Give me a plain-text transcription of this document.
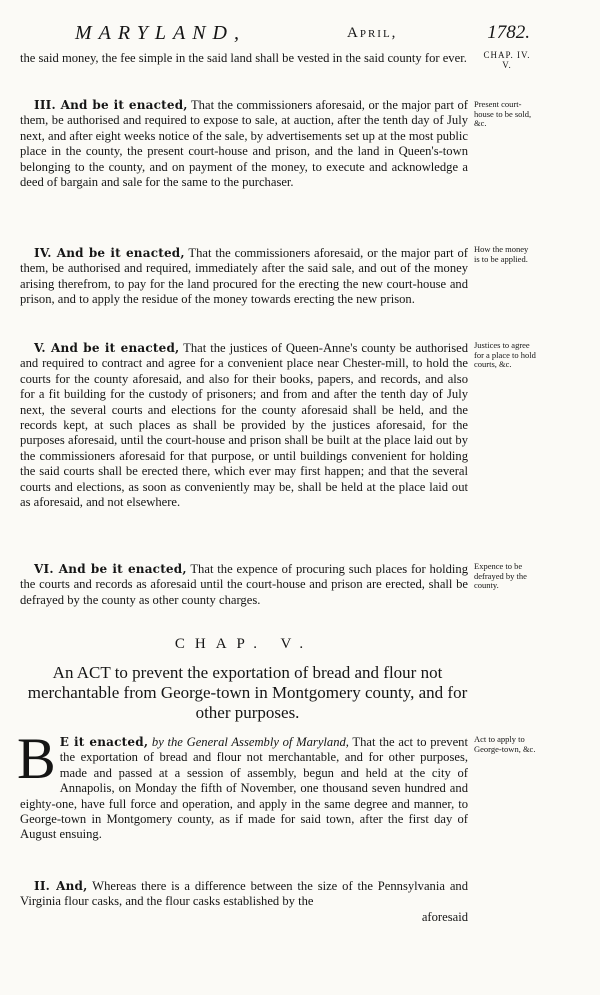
MARYLAND,	April,	1782.
CHAP. IV. V.

the said money, the fee simple in the said land shall be vested in the said county for ever.

III. And be it enacted, That the commissioners aforesaid, or the major part of them, be authorised and required to expose to sale, at auction, after the tenth day of July next, and after eight weeks notice of the sale, by advertisements set up at the most public place in the county, the present court-house and prison, and the land in Queen's-town belonging to the county, and on payment of the money, to execute and acknowledge a deed of bargain and sale for the same to the purchaser.

Present court-house to be sold, &c.

IV. And be it enacted, That the commissioners aforesaid, or the major part of them, be authorised and required, immediately after the said sale, and out of the money arising therefrom, to pay for the land procured for the erecting the new court-house and prison, and to apply the residue of the money towards erecting the new prison.

How the money is to be applied.

V. And be it enacted, That the justices of Queen-Anne's county be authorised and required to contract and agree for a convenient place near Chester-mill, to hold the courts for the county aforesaid, and also for their books, papers, and records, and also for a fit building for the custody of prisoners; and from and after the tenth day of July next, the several courts and elections for the county aforesaid shall be held, and the records kept, at such places as shall be provided by the justices aforesaid, for the purposes aforesaid, until the court-house and prison shall be built at the place laid out by the commissioners aforesaid for that purpose, or until buildings convenient for holding the said courts shall be erected there, which ever may first happen; and that the several courts and elections, as soon as conveniently may be, shall be held at the place laid out as aforesaid, and not elsewhere.

Justices to agree for a place to hold courts, &c.

VI. And be it enacted, That the expence of procuring such places for holding the courts and records as aforesaid until the court-house and prison are erected, shall be defrayed by the county as other county charges.

Expence to be defrayed by the county.
CHAP. V.
An ACT to prevent the exportation of bread and flour not merchantable from George-town in Montgomery county, and for other purposes.

B E it enacted, by the General Assembly of Maryland, That the act to prevent the exportation of bread and flour not merchantable, and for other purposes, made and passed at a session of assembly, begun and held at the city of Annapolis, on Monday the fifth of November, one thousand seven hundred and eighty-one, have full force and operation, and apply in the same degree and manner, to George-town in Montgomery county, as if made for said town, after the first day of August ensuing.

Act to apply to George-town, &c.

II. And, Whereas there is a difference between the size of the Pennsylvania and Virginia flour casks, and the flour casks established by the

aforesaid
